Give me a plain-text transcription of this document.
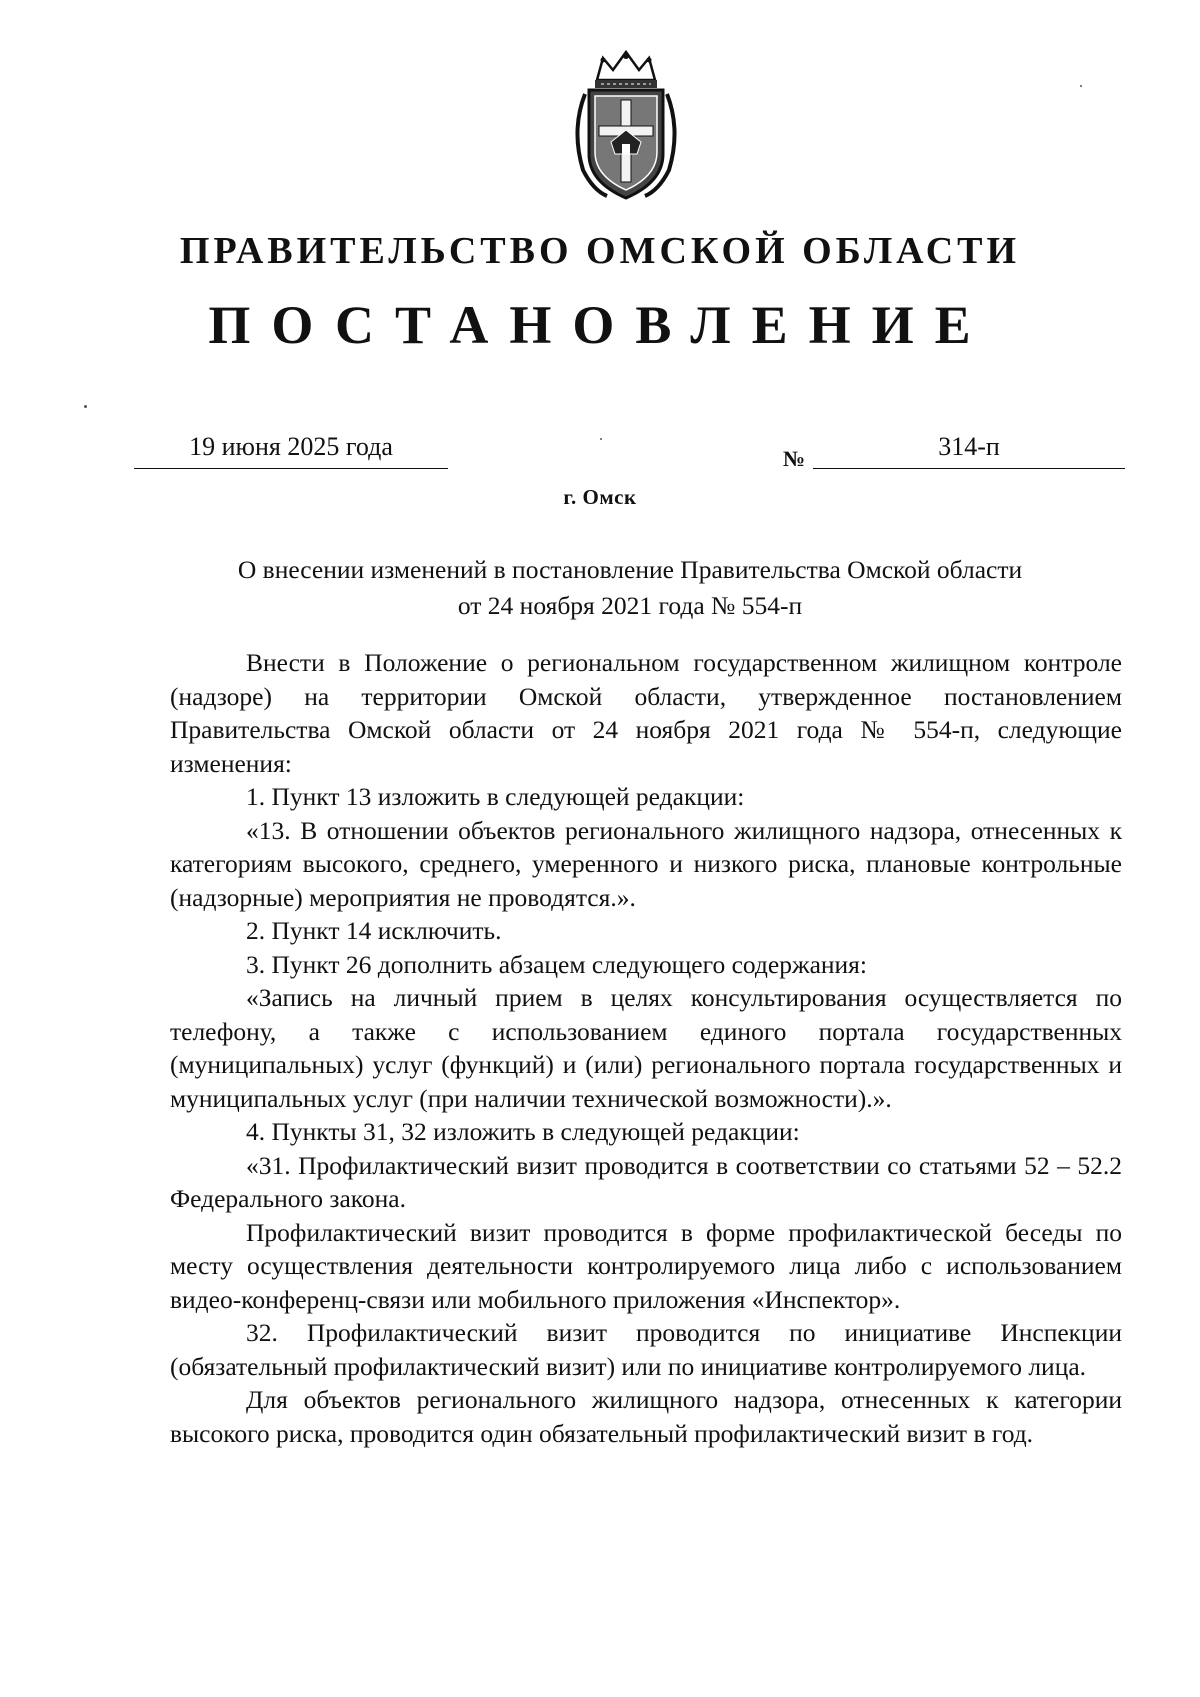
ПРАВИТЕЛЬСТВО ОМСКОЙ ОБЛАСТИ
ПОСТАНОВЛЕНИЕ
19 июня 2025 года	№	314-п
г. Омск
О внесении изменений в постановление Правительства Омской области
от 24 ноября 2021 года № 554-п

Внести в Положение о региональном государственном жилищном контроле (надзоре) на территории Омской области, утвержденное постановлением Правительства Омской области от 24 ноября 2021 года № 554-п, следующие изменения:

1. Пункт 13 изложить в следующей редакции:

«13. В отношении объектов регионального жилищного надзора, отнесенных к категориям высокого, среднего, умеренного и низкого риска, плановые контрольные (надзорные) мероприятия не проводятся.».

2. Пункт 14 исключить.

3. Пункт 26 дополнить абзацем следующего содержания:

«Запись на личный прием в целях консультирования осуществляется по телефону, а также с использованием единого портала государственных (муниципальных) услуг (функций) и (или) регионального портала государственных и муниципальных услуг (при наличии технической возможности).».

4. Пункты 31, 32 изложить в следующей редакции:

«31. Профилактический визит проводится в соответствии со статьями 52 – 52.2 Федерального закона.

Профилактический визит проводится в форме профилактической беседы по месту осуществления деятельности контролируемого лица либо с использованием видео-конференц-связи или мобильного приложения «Инспектор».

32. Профилактический визит проводится по инициативе Инспекции (обязательный профилактический визит) или по инициативе контролируемого лица.

Для объектов регионального жилищного надзора, отнесенных к категории высокого риска, проводится один обязательный профилактический визит в год.
